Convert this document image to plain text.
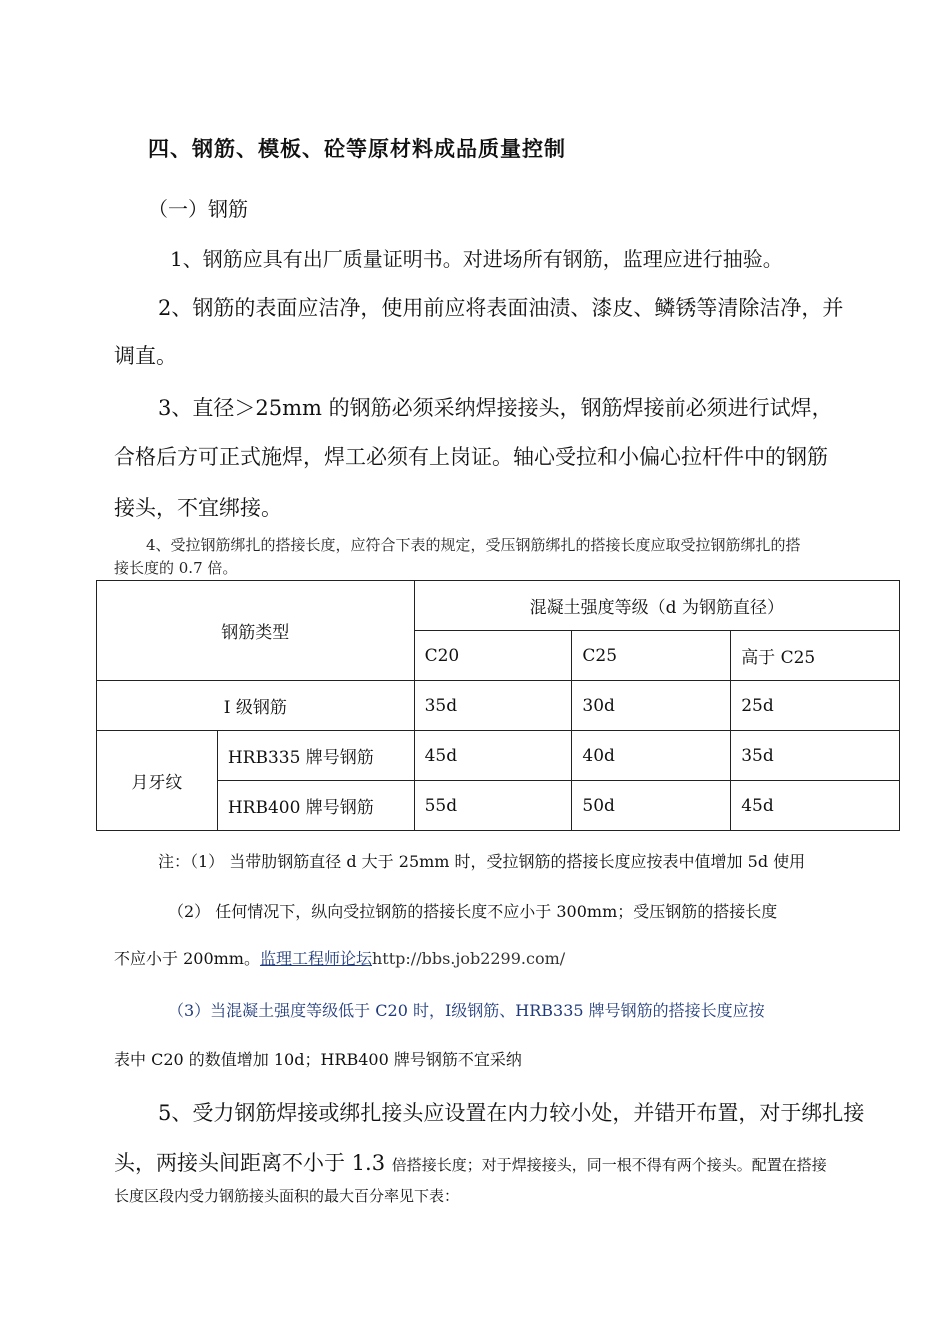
四、钢筋、模板、砼等原材料成品质量控制
（一）钢筋
1、钢筋应具有出厂质量证明书。对进场所有钢筋，监理应进行抽验。
2、钢筋的表面应洁净，使用前应将表面油渍、漆皮、鳞锈等清除洁净，并
调直。
3、直径＞25mm 的钢筋必须采纳焊接接头，钢筋焊接前必须进行试焊，
合格后方可正式施焊，焊工必须有上岗证。轴心受拉和小偏心拉杆件中的钢筋
接头，不宜绑接。
4、受拉钢筋绑扎的搭接长度，应符合下表的规定，受压钢筋绑扎的搭接长度应取受拉钢筋绑扎的搭
接长度的 0.7 倍。
钢筋类型		混凝土强度等级（d 为钢筋直径）		
		C20	C25	高于 C25
I 级钢筋		35d	30d	25d
月牙纹	HRB335 牌号钢筋	45d	40d	35d
	HRB400 牌号钢筋	55d	50d	45d
注：（1） 当带肋钢筋直径 d 大于 25mm 时，受拉钢筋的搭接长度应按表中值增加 5d 使用
（2） 任何情况下，纵向受拉钢筋的搭接长度不应小于 300mm；受压钢筋的搭接长度
不应小于 200mm。监理工程师论坛http://bbs.job2299.com/
（3）当混凝土强度等级低于 C20 时，Ⅰ级钢筋、HRB335 牌号钢筋的搭接长度应按
表中 C20 的数值增加 10d；HRB400 牌号钢筋不宜采纳
5、受力钢筋焊接或绑扎接头应设置在内力较小处，并错开布置，对于绑扎接
头，两接头间距离不小于 1.3 倍搭接长度；对于焊接接头，同一根不得有两个接头。配置在搭接
长度区段内受力钢筋接头面积的最大百分率见下表：
